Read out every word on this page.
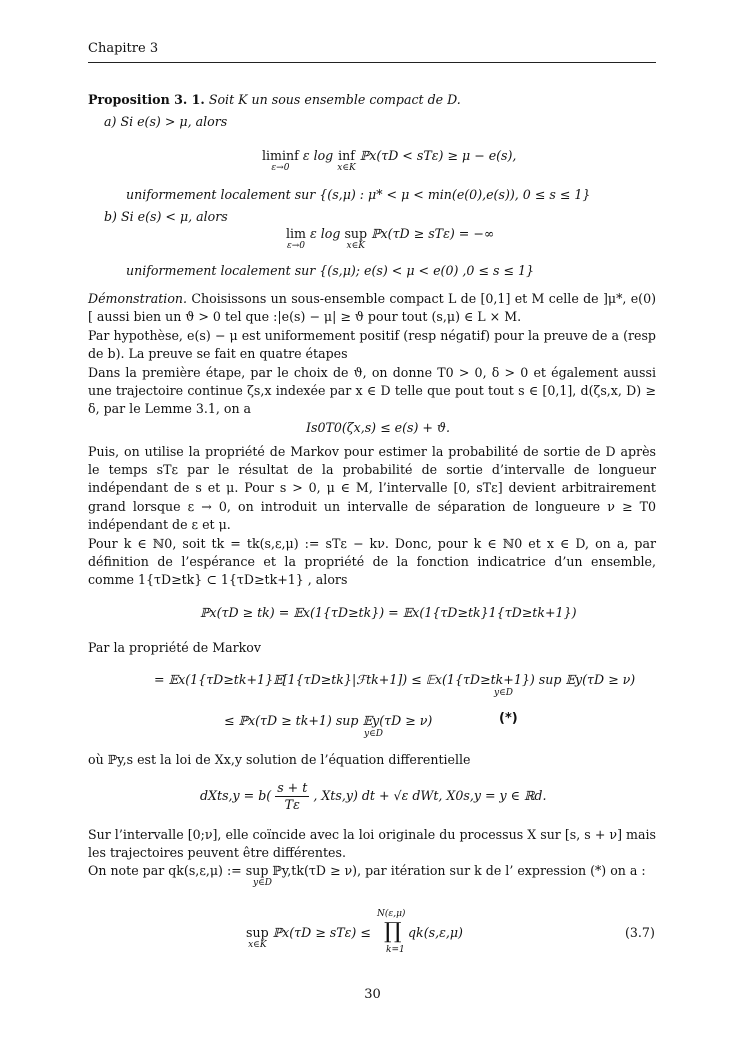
Chapitre 3
Proposition 3. 1. Soit K un sous ensemble compact de D.
a) Si e(s) > μ, alors
liminf
ε→0
ε log inf
x∈K
ℙx(τD < sTε) ≥ μ − e(s),
uniformement localement sur {(s,μ) : μ* < μ < min(e(0),e(s)), 0 ≤ s ≤ 1}
b) Si e(s) < μ, alors
lim
ε→0
ε log sup
x∈K
ℙx(τD ≥ sTε) = −∞
uniformement localement sur {(s,μ); e(s) < μ < e(0) ,0 ≤ s ≤ 1}
Démonstration. Choisissons un sous-ensemble compact L de [0,1] et M celle de ]μ*, e(0)[ aussi bien un ϑ > 0 tel que :|e(s) − μ| ≥ ϑ pour tout (s,μ) ∈ L × M.
Par hypothèse, e(s) − μ est uniformement positif (resp négatif) pour la preuve de a (resp de b). La preuve se fait en quatre étapes
Dans la première étape, par le choix de ϑ, on donne T0 > 0, δ > 0 et également aussi une trajectoire continue ζs,x indexée par x ∈ D telle que pout tout s ∈ [0,1], d(ζs,x, D) ≥ δ, par le Lemme 3.1, on a
Is0T0(ζx,s) ≤ e(s) + ϑ.
Puis, on utilise la propriété de Markov pour estimer la probabilité de sortie de D après le temps sTε par le résultat de la probabilité de sortie d’intervalle de longueur indépendant de s et μ. Pour s > 0, μ ∈ M, l’intervalle [0, sTε] devient arbitrairement grand lorsque ε → 0, on introduit un intervalle de séparation de longueure ν ≥ T0 indépendant de ε et μ.
Pour k ∈ ℕ0, soit tk = tk(s,ε,μ) := sTε − kν. Donc, pour k ∈ ℕ0 et x ∈ D, on a, par définition de l’espérance et la propriété de la fonction indicatrice d’un ensemble, comme 1{τD≥tk} ⊂ 1{τD≥tk+1} , alors
ℙx(τD ≥ tk) = 𝔼x(1{τD≥tk}) = 𝔼x(1{τD≥tk}1{τD≥tk+1})
Par la propriété de Markov
= 𝔼x(1{τD≥tk+1}𝔼[1{τD≥tk}|ℱtk+1]) ≤ 𝔼x(1{τD≥tk+1}) sup 𝔼y(τD ≥ ν)
y∈D
≤ ℙx(τD ≥ tk+1) sup 𝔼y(τD ≥ ν)
y∈D
(*)
où ℙy,s est la loi de Xx,y solution de l’équation differentielle
dXts,y = $b( \frac{s + t}{T\varepsilon}$ , Xts,y) dt + √ε dWt, X0s,y = y ∈ ℝd.
Sur l’intervalle [0;ν], elle coïncide avec la loi originale du processus X sur [s, s + ν] mais les trajectoires peuvent être différentes.
On note par qk(s,ε,μ) := sup ℙy,tk(τD ≥ ν), par itération sur k de l’ expression (*) on a :
y∈D
sup
x∈K
ℙx(τD ≥ sTε) ≤
N(ε,μ)
∏
k=1
qk(s,ε,μ)	(3.7)
30
